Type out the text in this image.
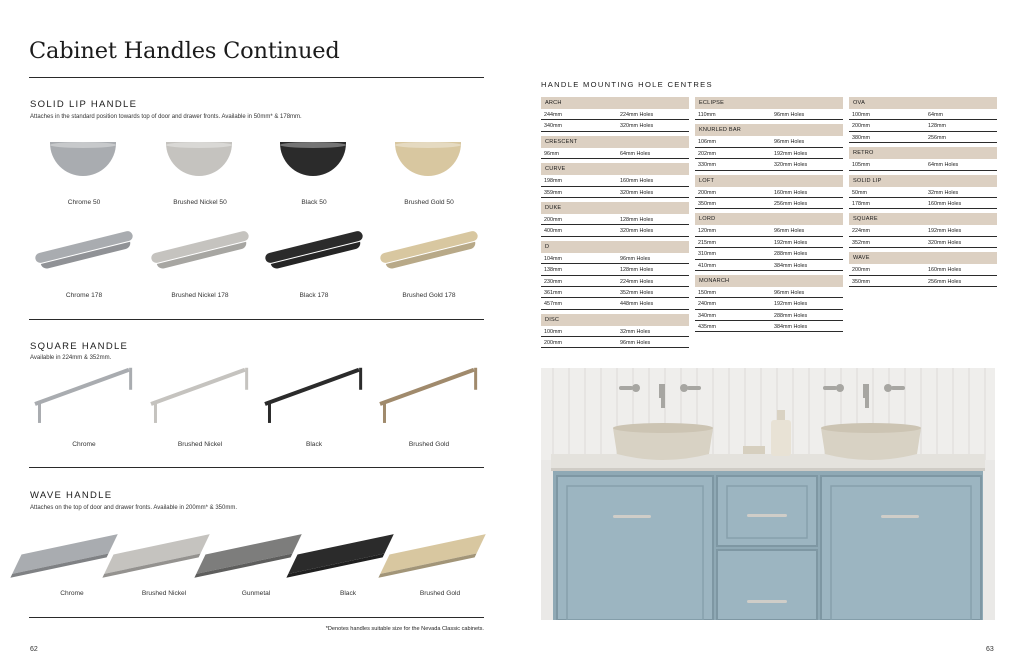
Cabinet Handles Continued
SOLID LIP HANDLE
Attaches in the standard position towards top of door and drawer fronts. Available in 50mm* & 178mm.
Chrome 50	Brushed Nickel 50	Black 50	Brushed Gold 50
Chrome 178	Brushed Nickel 178	Black 178	Brushed Gold 178
SQUARE HANDLE
Available in 224mm & 352mm.
Chrome	Brushed Nickel	Black	Brushed Gold
WAVE HANDLE
Attaches on the top of door and drawer fronts. Available in 200mm* & 350mm.
Chrome	Brushed Nickel	Gunmetal	Black	Brushed Gold
*Denotes handles suitable size for the Nevada Classic cabinets.
62	63
HANDLE MOUNTING HOLE CENTRES
ARCH
244mm	224mm Holes
340mm	320mm Holes
CRESCENT
96mm	64mm Holes
CURVE
198mm	160mm Holes
359mm	320mm Holes
DUKE
200mm	128mm Holes
400mm	320mm Holes
D
104mm	96mm Holes
138mm	128mm Holes
230mm	224mm Holes
361mm	352mm Holes
457mm	448mm Holes
DISC
100mm	32mm Holes
200mm	96mm Holes
ECLIPSE
110mm	96mm Holes
KNURLED BAR
106mm	96mm Holes
202mm	192mm Holes
330mm	320mm Holes
LOFT
200mm	160mm Holes
350mm	256mm Holes
LORD
120mm	96mm Holes
215mm	192mm Holes
310mm	288mm Holes
410mm	384mm Holes
MONARCH
150mm	96mm Holes
240mm	192mm Holes
340mm	288mm Holes
435mm	384mm Holes
OVA
100mm	64mm
200mm	128mm
380mm	256mm
RETRO
105mm	64mm Holes
SOLID LIP
50mm	32mm Holes
178mm	160mm Holes
SQUARE
224mm	192mm Holes
352mm	320mm Holes
WAVE
200mm	160mm Holes
350mm	256mm Holes
